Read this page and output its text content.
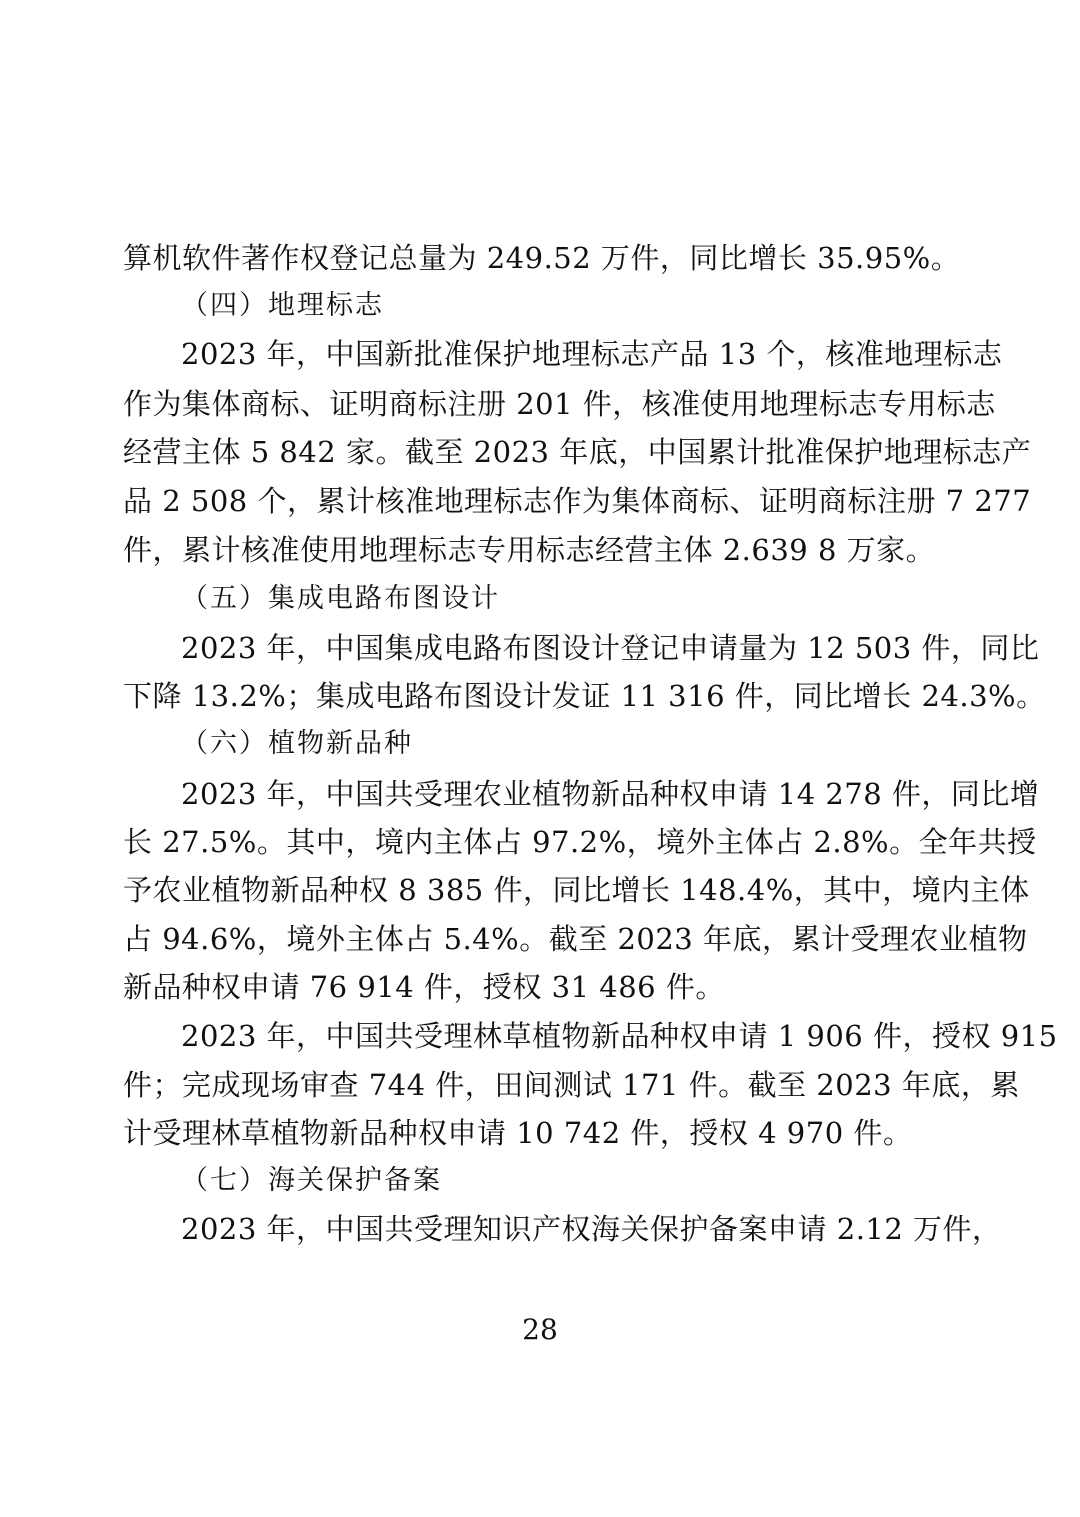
算机软件著作权登记总量为 249.52 万件，同比增长 35.95%。
（四）地理标志
2023 年，中国新批准保护地理标志产品 13 个，核准地理标志
作为集体商标、证明商标注册 201 件，核准使用地理标志专用标志
经营主体 5 842 家。截至 2023 年底，中国累计批准保护地理标志产
品 2 508 个，累计核准地理标志作为集体商标、证明商标注册 7 277
件，累计核准使用地理标志专用标志经营主体 2.639 8 万家。
（五）集成电路布图设计
2023 年，中国集成电路布图设计登记申请量为 12 503 件，同比
下降 13.2%；集成电路布图设计发证 11 316 件，同比增长 24.3%。
（六）植物新品种
2023 年，中国共受理农业植物新品种权申请 14 278 件，同比增
长 27.5%。其中，境内主体占 97.2%，境外主体占 2.8%。全年共授
予农业植物新品种权 8 385 件，同比增长 148.4%，其中，境内主体
占 94.6%，境外主体占 5.4%。截至 2023 年底，累计受理农业植物
新品种权申请 76 914 件，授权 31 486 件。
2023 年，中国共受理林草植物新品种权申请 1 906 件，授权 915
件；完成现场审查 744 件，田间测试 171 件。截至 2023 年底，累
计受理林草植物新品种权申请 10 742 件，授权 4 970 件。
（七）海关保护备案
2023 年，中国共受理知识产权海关保护备案申请 2.12 万件，
28
